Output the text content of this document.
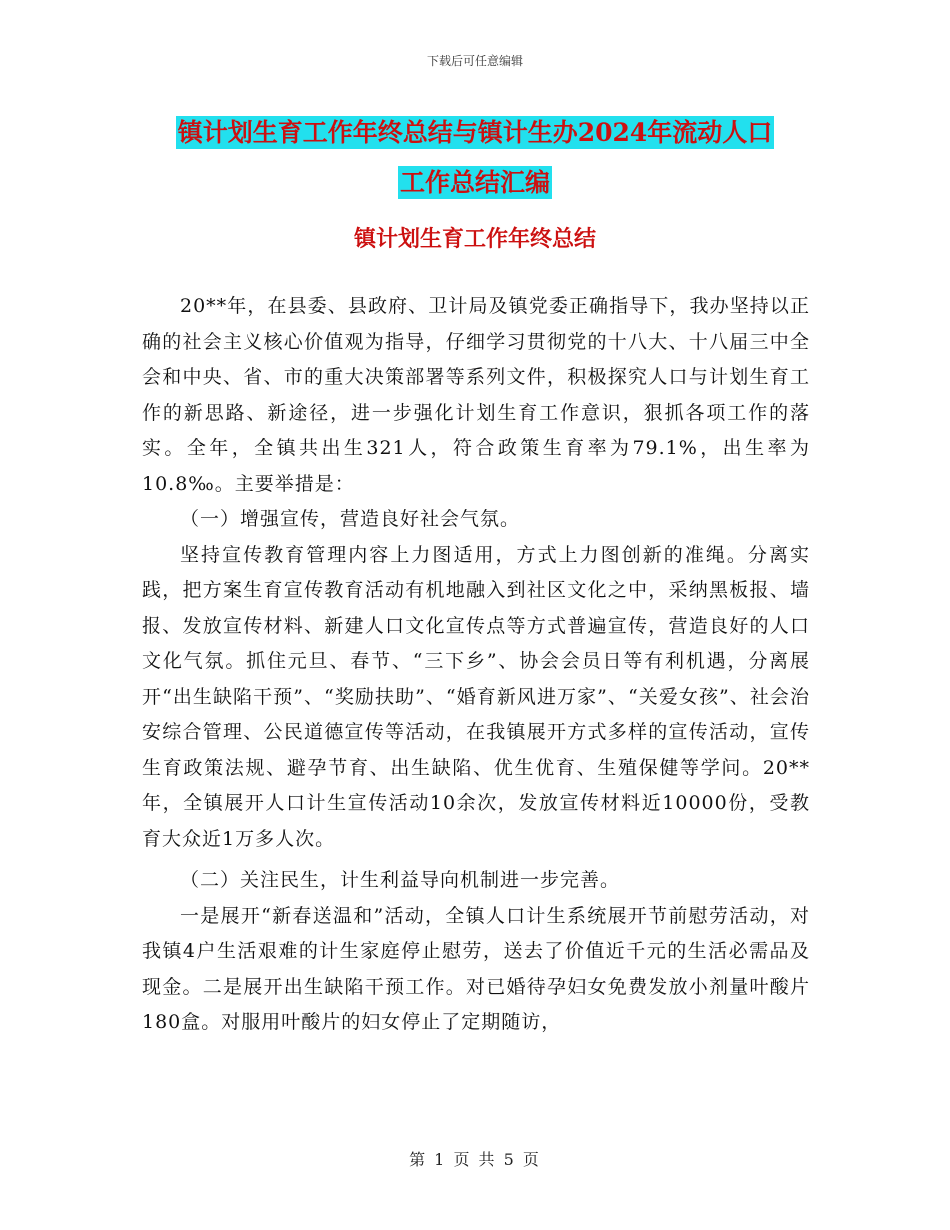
下载后可任意编辑
镇计划生育工作年终总结与镇计生办2024年流动人口
工作总结汇编
镇计划生育工作年终总结

20**年，在县委、县政府、卫计局及镇党委正确指导下，我办坚持以正确的社会主义核心价值观为指导，仔细学习贯彻党的十八大、十八届三中全会和中央、省、市的重大决策部署等系列文件，积极探究人口与计划生育工作的新思路、新途径，进一步强化计划生育工作意识，狠抓各项工作的落实。全年，全镇共出生321人，符合政策生育率为79.1%，出生率为10.8‰。主要举措是：

（一）增强宣传，营造良好社会气氛。

坚持宣传教育管理内容上力图适用，方式上力图创新的准绳。分离实践，把方案生育宣传教育活动有机地融入到社区文化之中，采纳黑板报、墙报、发放宣传材料、新建人口文化宣传点等方式普遍宣传，营造良好的人口文化气氛。抓住元旦、春节、“三下乡”、协会会员日等有利机遇，分离展开“出生缺陷干预”、“奖励扶助”、“婚育新风进万家”、“关爱女孩”、社会治安综合管理、公民道德宣传等活动，在我镇展开方式多样的宣传活动，宣传生育政策法规、避孕节育、出生缺陷、优生优育、生殖保健等学问。20**年，全镇展开人口计生宣传活动10余次，发放宣传材料近10000份，受教育大众近1万多人次。

（二）关注民生，计生利益导向机制进一步完善。

一是展开“新春送温和”活动，全镇人口计生系统展开节前慰劳活动，对我镇4户生活艰难的计生家庭停止慰劳，送去了价值近千元的生活必需品及现金。二是展开出生缺陷干预工作。对已婚待孕妇女免费发放小剂量叶酸片180盒。对服用叶酸片的妇女停止了定期随访，

第 1 页 共 5 页
